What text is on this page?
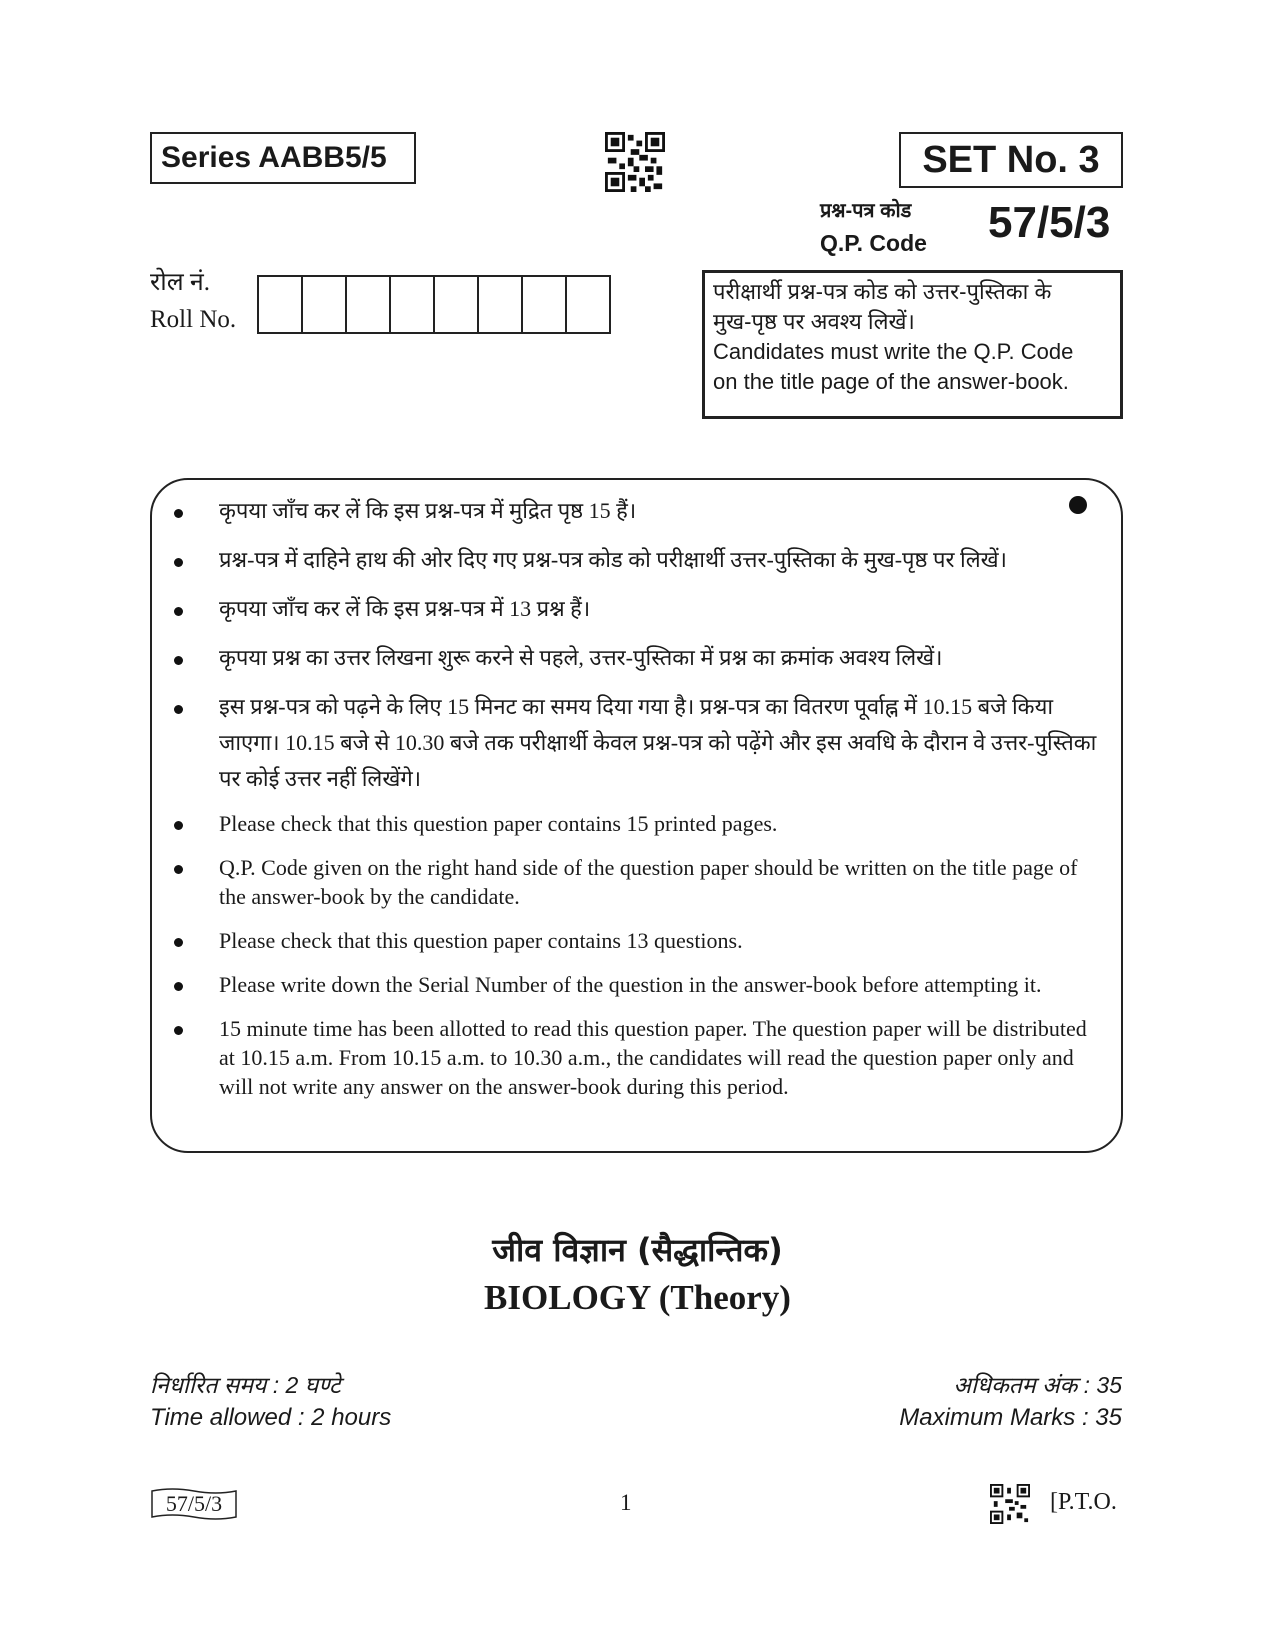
Series AABB5/5	SET No. 3
प्रश्न-पत्र कोड
Q.P. Code 57/5/3
रोल नं.
Roll No.
परीक्षार्थी प्रश्न-पत्र कोड को उत्तर-पुस्तिका के
मुख-पृष्ठ पर अवश्य लिखें।
Candidates must write the Q.P. Code
on the title page of the answer-book.
कृपया जाँच कर लें कि इस प्रश्न-पत्र में मुद्रित पृष्ठ 15 हैं।
प्रश्न-पत्र में दाहिने हाथ की ओर दिए गए प्रश्न-पत्र कोड को परीक्षार्थी उत्तर-पुस्तिका के मुख-पृष्ठ पर लिखें।
कृपया जाँच कर लें कि इस प्रश्न-पत्र में 13 प्रश्न हैं।
कृपया प्रश्न का उत्तर लिखना शुरू करने से पहले, उत्तर-पुस्तिका में प्रश्न का क्रमांक अवश्य लिखें।
इस प्रश्न-पत्र को पढ़ने के लिए 15 मिनट का समय दिया गया है। प्रश्न-पत्र का वितरण पूर्वाह्न में 10.15 बजे किया जाएगा। 10.15 बजे से 10.30 बजे तक परीक्षार्थी केवल प्रश्न-पत्र को पढ़ेंगे और इस अवधि के दौरान वे उत्तर-पुस्तिका पर कोई उत्तर नहीं लिखेंगे।
Please check that this question paper contains 15 printed pages.
Q.P. Code given on the right hand side of the question paper should be written on the title page of the answer-book by the candidate.
Please check that this question paper contains 13 questions.
Please write down the Serial Number of the question in the answer-book before attempting it.
15 minute time has been allotted to read this question paper. The question paper will be distributed at 10.15 a.m. From 10.15 a.m. to 10.30 a.m., the candidates will read the question paper only and will not write any answer on the answer-book during this period.
जीव विज्ञान (सैद्धान्तिक)
BIOLOGY (Theory)
निर्धारित समय : 2 घण्टे
Time allowed : 2 hours
अधिकतम अंक : 35
Maximum Marks : 35
57/5/3	1	[P.T.O.
